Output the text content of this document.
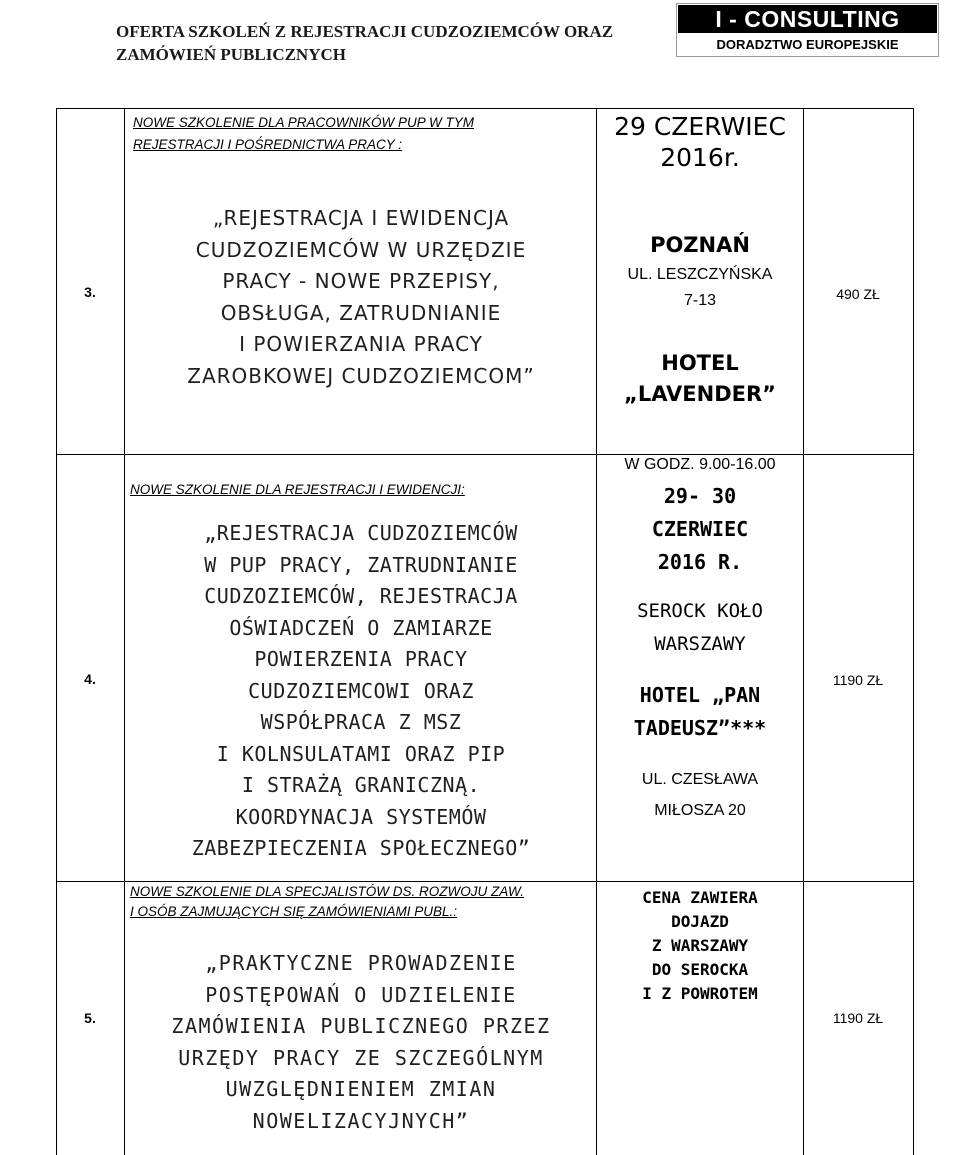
OFERTA SZKOLEŃ Z REJESTRACJI CUDZOZIEMCÓW ORAZ
ZAMÓWIEŃ PUBLICZNYCH
I - CONSULTING
DORADZTWO EUROPEJSKIE
3.
NOWE SZKOLENIE DLA PRACOWNIKÓW PUP W TYM
REJESTRACJI I POŚREDNICTWA PRACY :
„REJESTRACJA I EWIDENCJA
CUDZOZIEMCÓW W URZĘDZIE
PRACY - NOWE PRZEPISY,
OBSŁUGA, ZATRUDNIANIE
I POWIERZANIA PRACY
ZAROBKOWEJ CUDZOZIEMCOM”
29 CZERWIEC
2016r.
POZNAŃ
UL. LESZCZYŃSKA
7-13
HOTEL
„LAVENDER”
490 ZŁ
4.
NOWE SZKOLENIE DLA REJESTRACJI I EWIDENCJI:
„REJESTRACJA CUDZOZIEMCÓW
W PUP PRACY, ZATRUDNIANIE
CUDZOZIEMCÓW, REJESTRACJA
OŚWIADCZEŃ O ZAMIARZE
POWIERZENIA PRACY
CUDZOZIEMCOWI ORAZ
WSPÓŁPRACA Z MSZ
I KOLNSULATAMI ORAZ PIP
I STRAŻĄ GRANICZNĄ.
KOORDYNACJA SYSTEMÓW
ZABEZPIECZENIA SPOŁECZNEGO”
W GODZ. 9.00-16.00
29- 30
CZERWIEC
2016 R.
SEROCK KOŁO
WARSZAWY
HOTEL „PAN
TADEUSZ”***
UL. CZESŁAWA
MIŁOSZA 20
1190 ZŁ
5.
NOWE SZKOLENIE DLA SPECJALISTÓW DS. ROZWOJU ZAW.
I OSÓB ZAJMUJĄCYCH SIĘ ZAMÓWIENIAMI PUBL.:
„PRAKTYCZNE PROWADZENIE
POSTĘPOWAŃ O UDZIELENIE
ZAMÓWIENIA PUBLICZNEGO PRZEZ
URZĘDY PRACY ZE SZCZEGÓLNYM
UWZGLĘDNIENIEM ZMIAN
NOWELIZACYJNYCH”
CENA ZAWIERA
DOJAZD
Z WARSZAWY
DO SEROCKA
I Z POWROTEM
1190 ZŁ
